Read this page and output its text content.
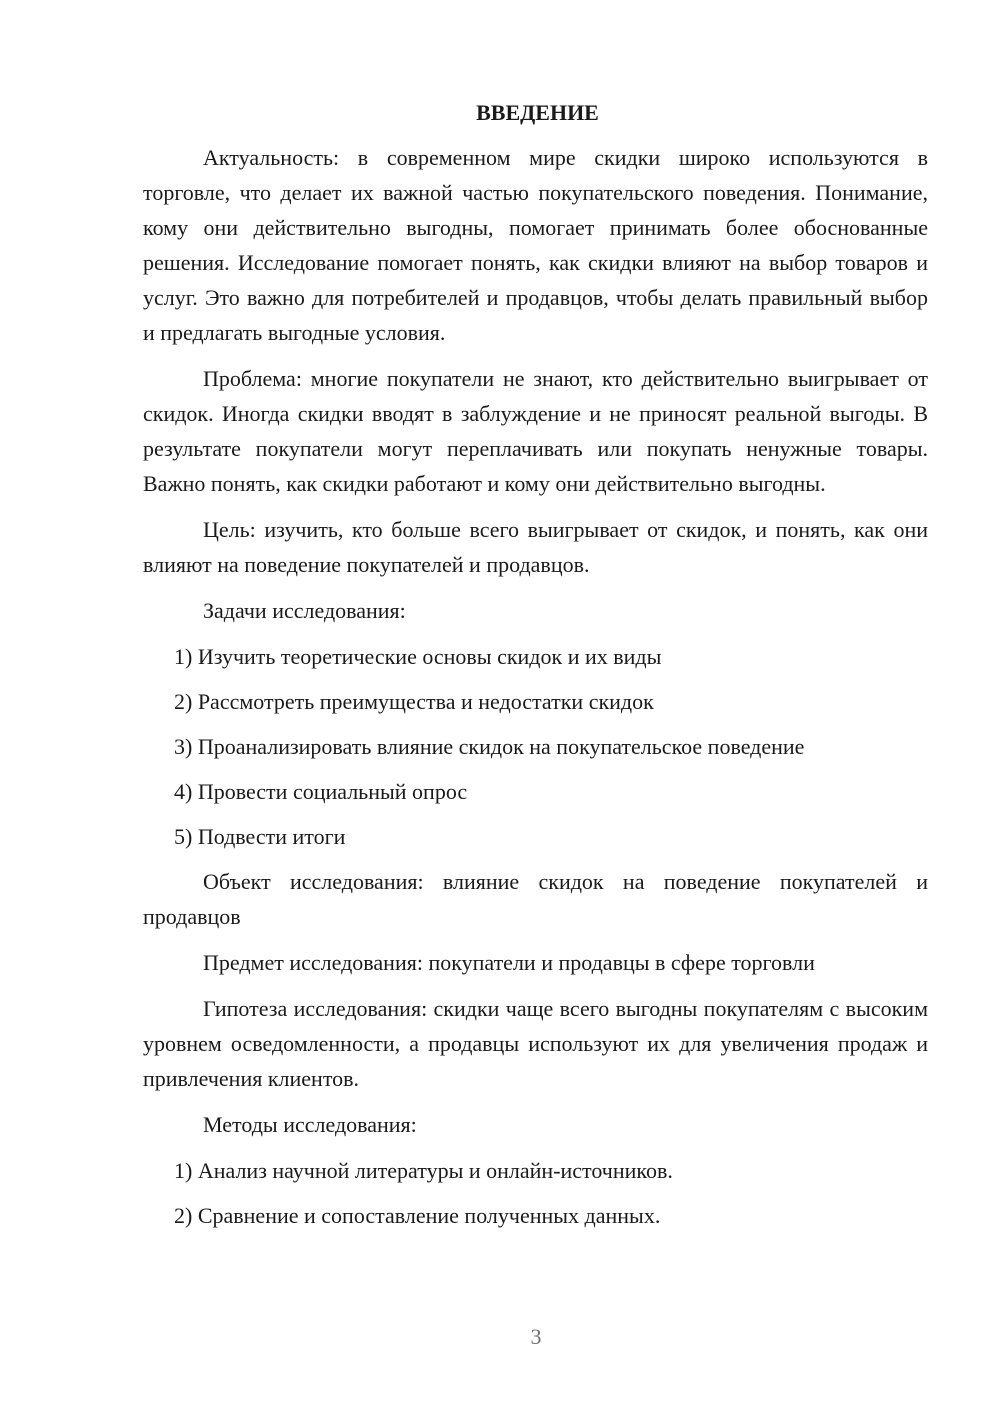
ВВЕДЕНИЕ

Актуальность: в современном мире скидки широко используются в торговле, что делает их важной частью покупательского поведения. Понимание, кому они действительно выгодны, помогает принимать более обоснованные решения. Исследование помогает понять, как скидки влияют на выбор товаров и услуг. Это важно для потребителей и продавцов, чтобы делать правильный выбор и предлагать выгодные условия.

Проблема: многие покупатели не знают, кто действительно выигрывает от скидок. Иногда скидки вводят в заблуждение и не приносят реальной выгоды. В результате покупатели могут переплачивать или покупать ненужные товары. Важно понять, как скидки работают и кому они действительно выгодны.

Цель: изучить, кто больше всего выигрывает от скидок, и понять, как они влияют на поведение покупателей и продавцов.

Задачи исследования:

1) Изучить теоретические основы скидок и их виды
2) Рассмотреть преимущества и недостатки скидок
3) Проанализировать влияние скидок на покупательское поведение
4) Провести социальный опрос
5) Подвести итоги

Объект исследования: влияние скидок на поведение покупателей и продавцов

Предмет исследования: покупатели и продавцы в сфере торговли

Гипотеза исследования: скидки чаще всего выгодны покупателям с высоким уровнем осведомленности, а продавцы используют их для увеличения продаж и привлечения клиентов.

Методы исследования:

1) Анализ научной литературы и онлайн-источников.
2) Сравнение и сопоставление полученных данных.
3
